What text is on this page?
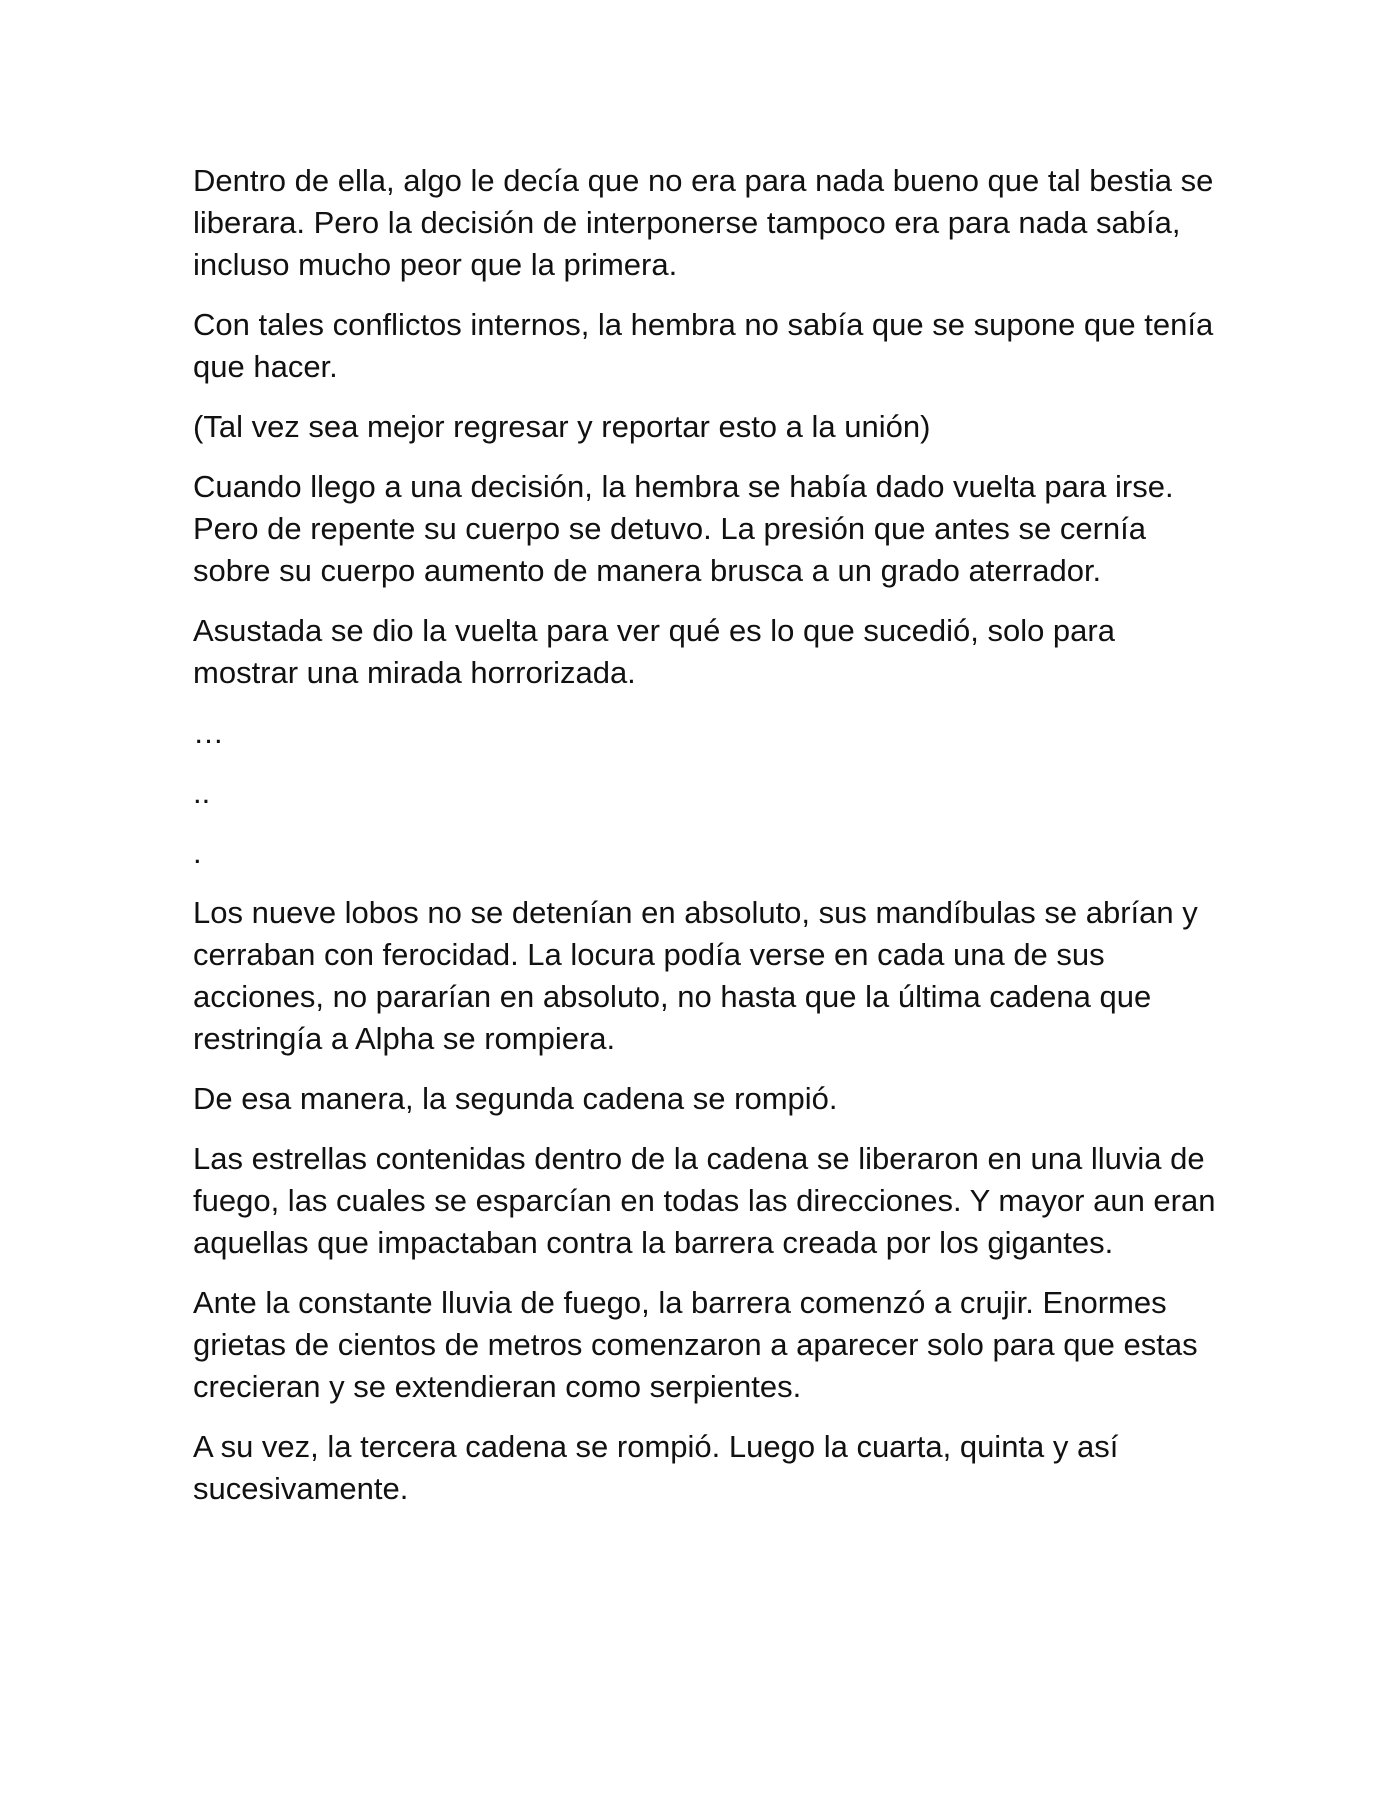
Dentro de ella, algo le decía que no era para nada bueno que tal bestia se liberara. Pero la decisión de interponerse tampoco era para nada sabía, incluso mucho peor que la primera.

Con tales conflictos internos, la hembra no sabía que se supone que tenía que hacer.

(Tal vez sea mejor regresar y reportar esto a la unión)

Cuando llego a una decisión, la hembra se había dado vuelta para irse. Pero de repente su cuerpo se detuvo. La presión que antes se cernía sobre su cuerpo aumento de manera brusca a un grado aterrador.

Asustada se dio la vuelta para ver qué es lo que sucedió, solo para mostrar una mirada horrorizada.

…

..

.

Los nueve lobos no se detenían en absoluto, sus mandíbulas se abrían y cerraban con ferocidad. La locura podía verse en cada una de sus acciones, no pararían en absoluto, no hasta que la última cadena que restringía a Alpha se rompiera.

De esa manera, la segunda cadena se rompió.

Las estrellas contenidas dentro de la cadena se liberaron en una lluvia de fuego, las cuales se esparcían en todas las direcciones. Y mayor aun eran aquellas que impactaban contra la barrera creada por los gigantes.

Ante la constante lluvia de fuego, la barrera comenzó a crujir. Enormes grietas de cientos de metros comenzaron a aparecer solo para que estas crecieran y se extendieran como serpientes.

A su vez, la tercera cadena se rompió. Luego la cuarta, quinta y así sucesivamente.
